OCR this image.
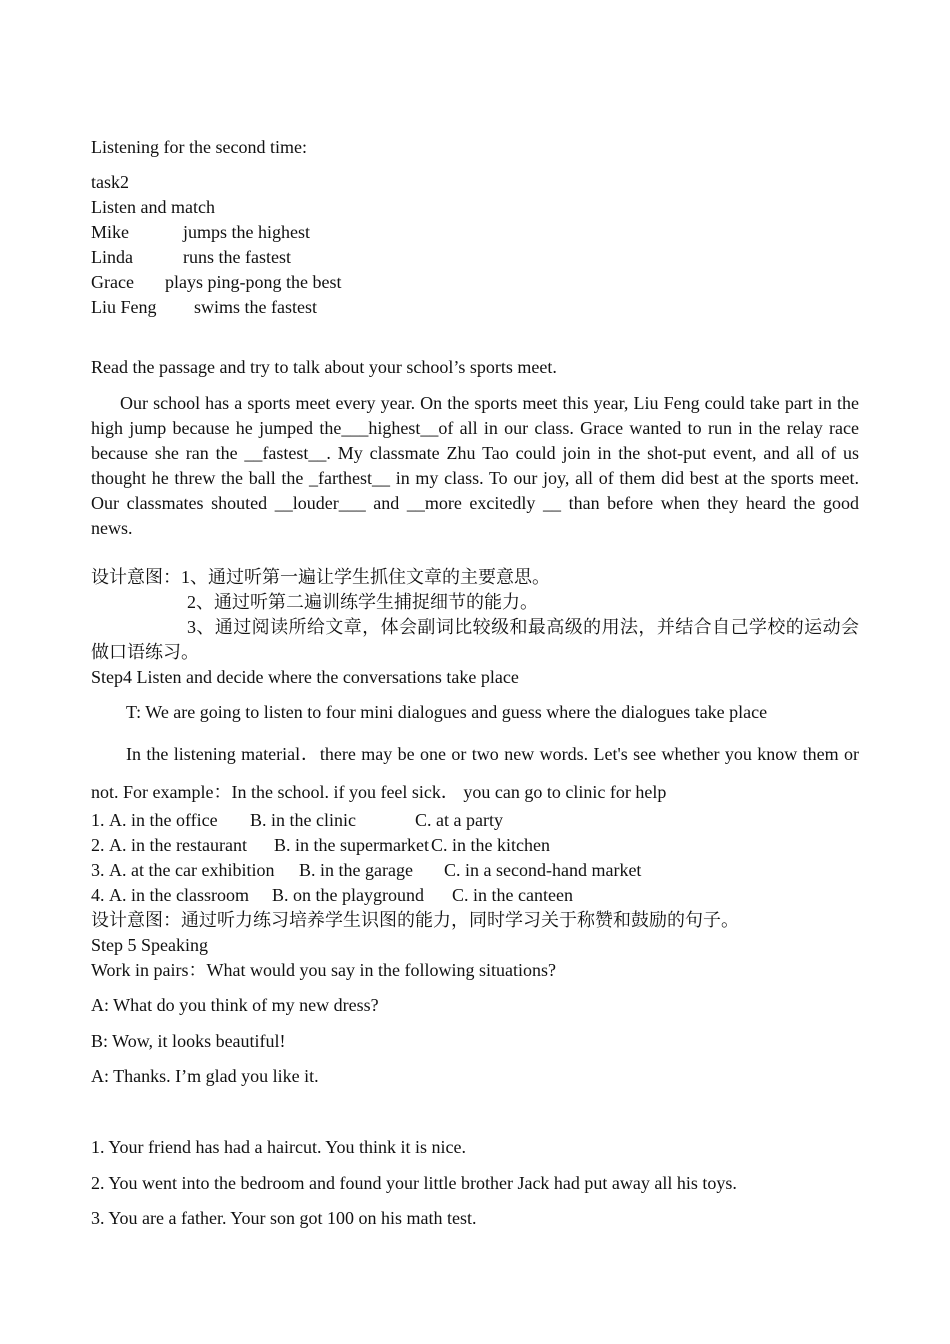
Listening for the second time:
task2
Listen and match
Mike	jumps the highest
Linda	runs the fastest
Grace plays ping-pong the best
Liu Feng swims the fastest
Read the passage and try to talk about your school’s sports meet.
Our school has a sports meet every year. On the sports meet this year, Liu Feng could take part in the high jump because he jumped the___highest__of all in our class. Grace wanted to run in the relay race because she ran the __fastest__. My classmate Zhu Tao could join in the shot-put event, and all of us thought he threw the ball the _farthest__ in my class. To our joy, all of them did best at the sports meet. Our classmates shouted __louder___ and __more excitedly __ than before when they heard the good news.
设计意图：1、通过听第一遍让学生抓住文章的主要意思。
2、通过听第二遍训练学生捕捉细节的能力。
3、通过阅读所给文章，体会副词比较级和最高级的用法，并结合自己学校的运动会做口语练习。
Step4 Listen and decide where the conversations take place
T: We are going to listen to four mini dialogues and guess where the dialogues take place
In the listening material．there may be one or two new words. Let's see whether you know them or not. For example：In the school. if you feel sick． you can go to clinic for help
1. A. in the office B. in the clinic	C. at a party
2. A. in the restaurant B. in the supermarket C. in the kitchen
3. A. at the car exhibition B. in the garage C. in a second-hand market
4. A. in the classroom B. on the playground C. in the canteen
设计意图：通过听力练习培养学生识图的能力，同时学习关于称赞和鼓励的句子。
Step 5 Speaking
Work in pairs：What would you say in the following situations?
A: What do you think of my new dress?
B: Wow, it looks beautiful!
A: Thanks. I’m glad you like it.
1. Your friend has had a haircut. You think it is nice.
2. You went into the bedroom and found your little brother Jack had put away all his toys.
3. You are a father. Your son got 100 on his math test.
